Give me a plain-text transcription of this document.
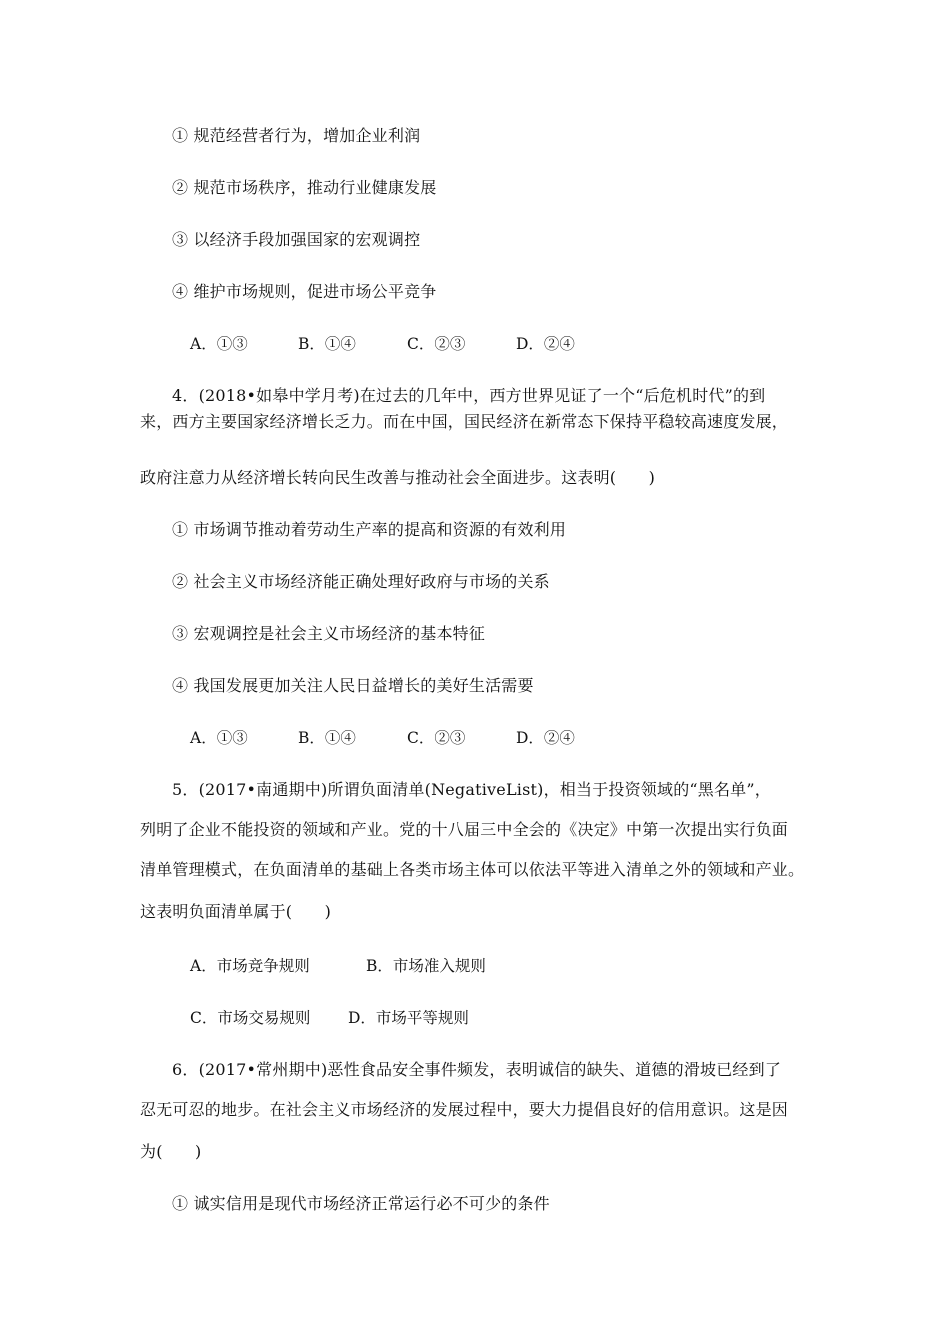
① 规范经营者行为，增加企业利润
② 规范市场秩序，推动行业健康发展
③ 以经济手段加强国家的宏观调控
④ 维护市场规则，促进市场公平竞争
A．①③	B．①④	C．②③	D．②④
4．(2018•如皋中学月考)在过去的几年中，西方世界见证了一个“后危机时代”的到
来，西方主要国家经济增长乏力。而在中国，国民经济在新常态下保持平稳较高速度发展，
政府注意力从经济增长转向民生改善与推动社会全面进步。这表明(　　)
① 市场调节推动着劳动生产率的提高和资源的有效利用
② 社会主义市场经济能正确处理好政府与市场的关系
③ 宏观调控是社会主义市场经济的基本特征
④ 我国发展更加关注人民日益增长的美好生活需要
A．①③	B．①④	C．②③	D．②④
5．(2017•南通期中)所谓负面清单(NegativeList)，相当于投资领域的“黑名单”，
列明了企业不能投资的领域和产业。党的十八届三中全会的《决定》中第一次提出实行负面
清单管理模式，在负面清单的基础上各类市场主体可以依法平等进入清单之外的领域和产业。
这表明负面清单属于(　　)
A．市场竞争规则	B．市场准入规则
C．市场交易规则 D．市场平等规则
6．(2017•常州期中)恶性食品安全事件频发，表明诚信的缺失、道德的滑坡已经到了
忍无可忍的地步。在社会主义市场经济的发展过程中，要大力提倡良好的信用意识。这是因
为(　　)
① 诚实信用是现代市场经济正常运行必不可少的条件
